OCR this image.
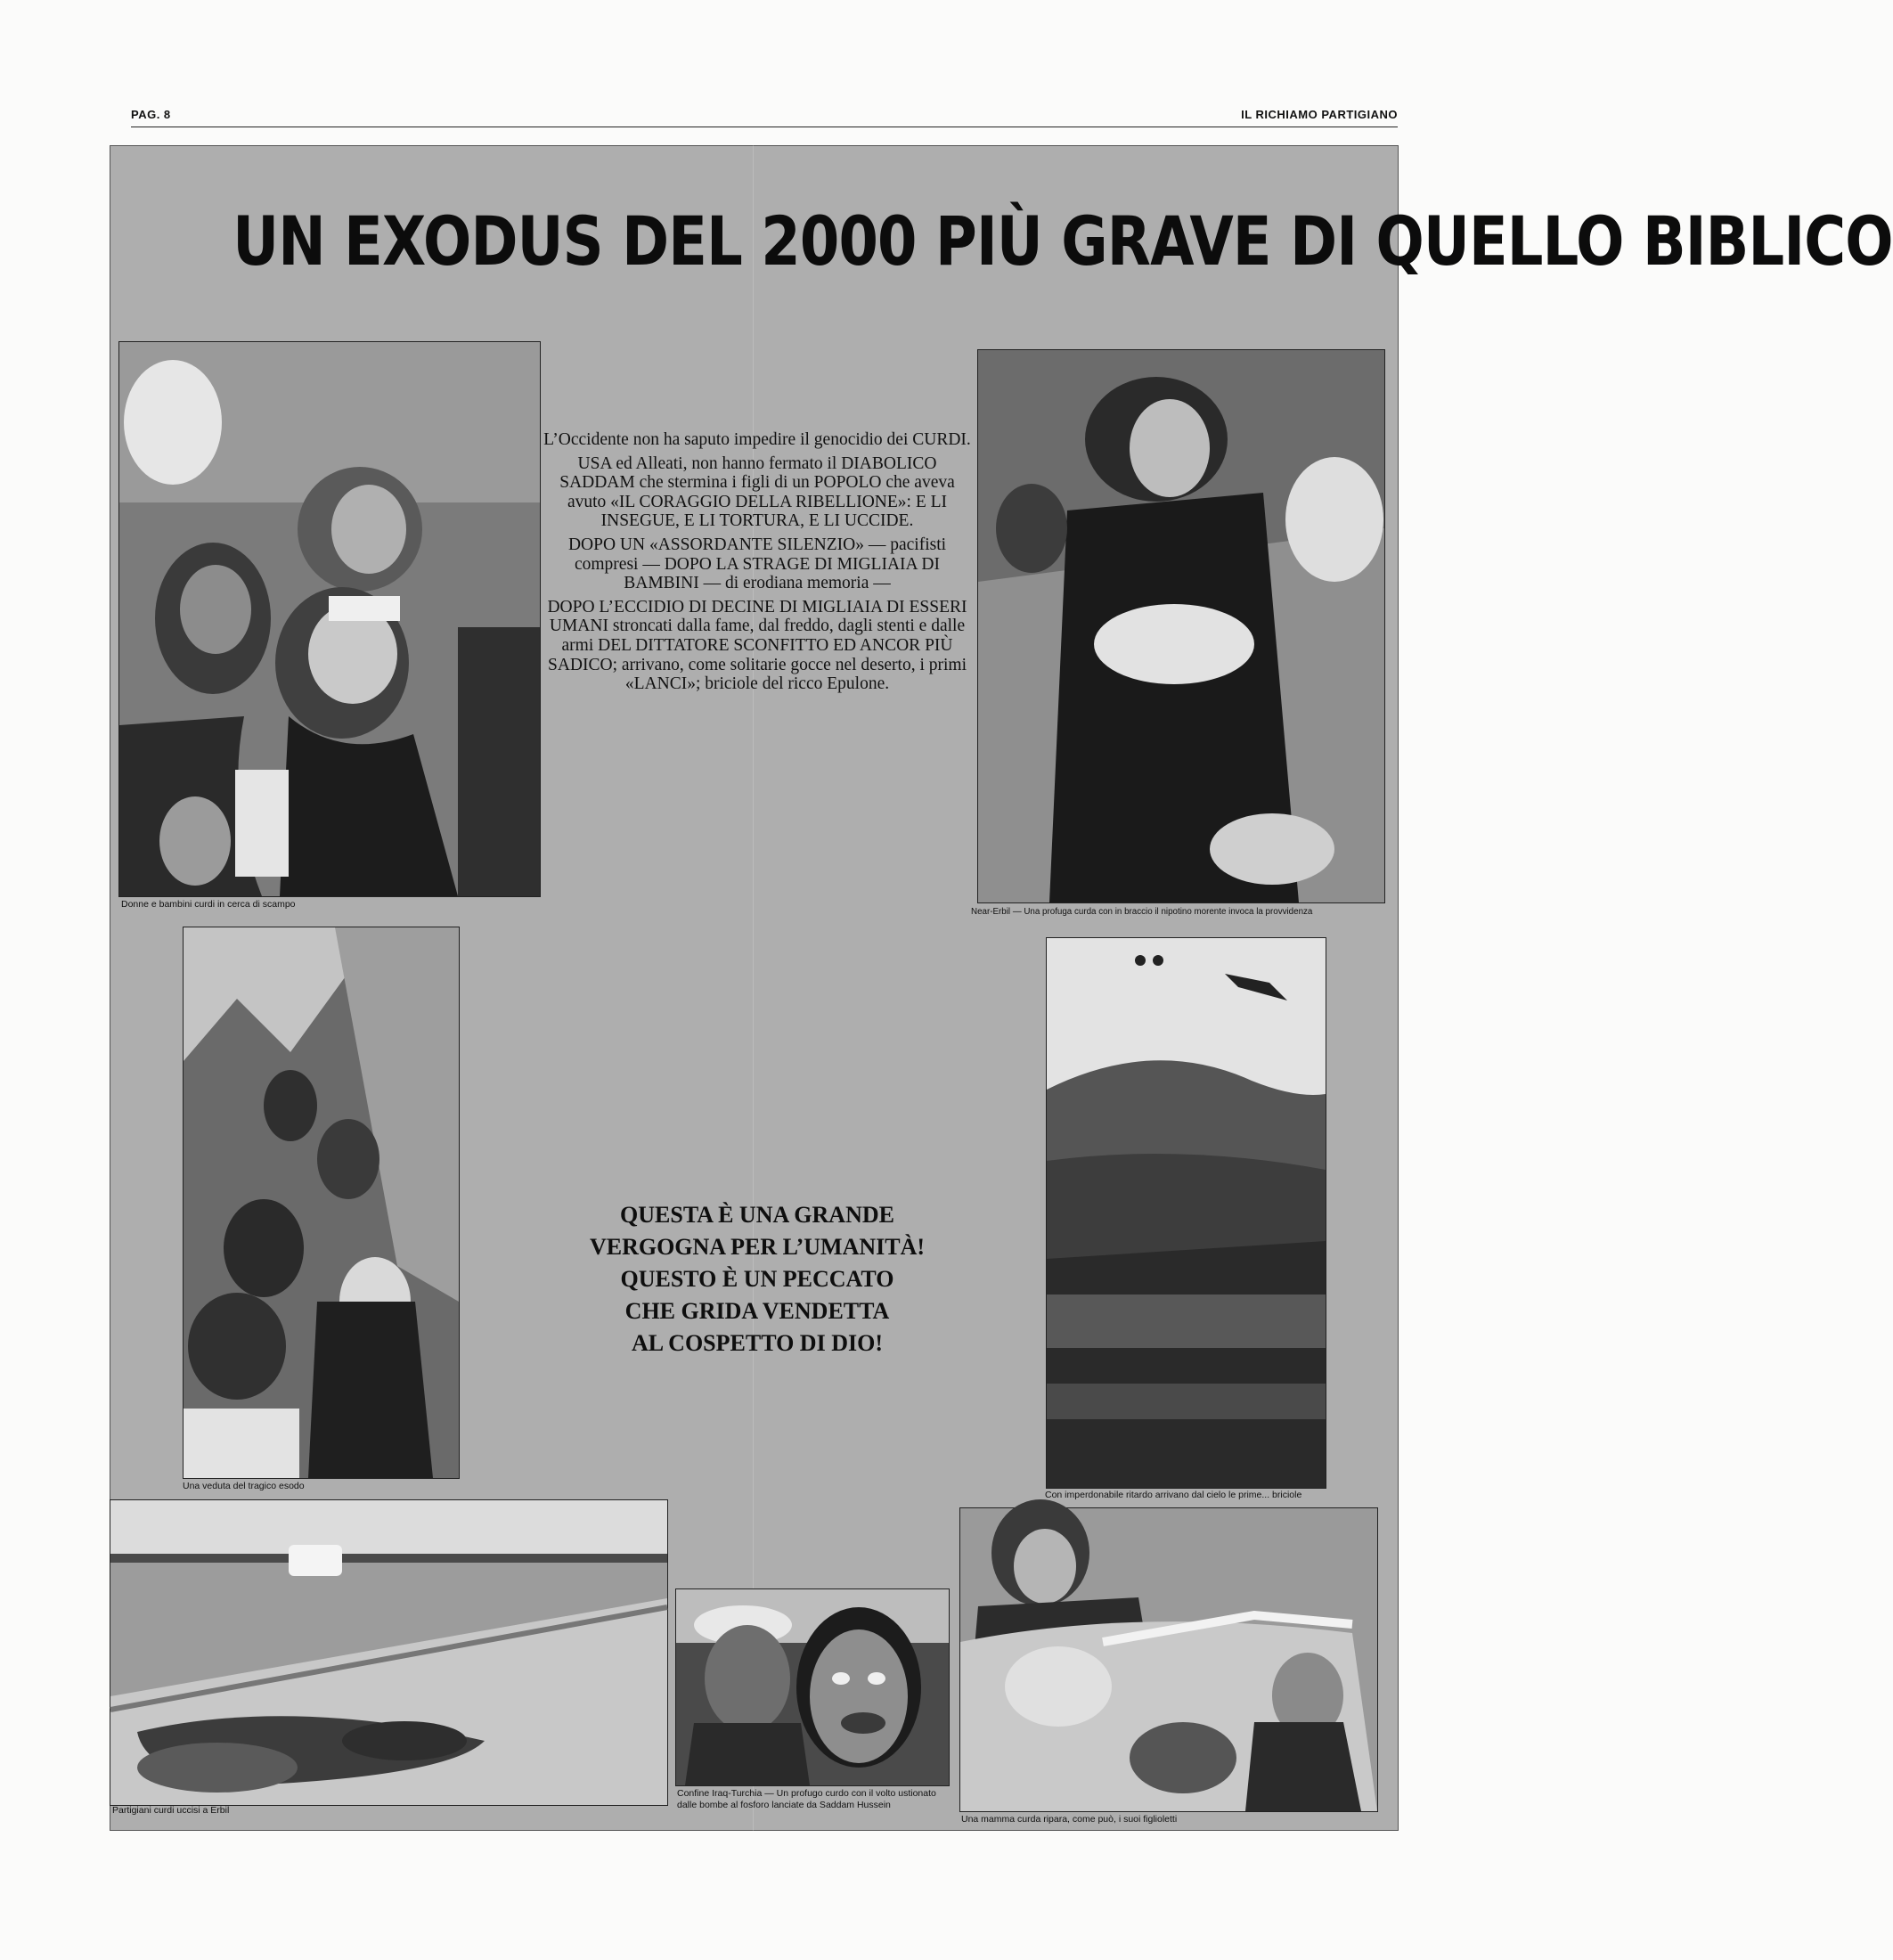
PAG. 8	IL RICHIAMO PARTIGIANO
UN EXODUS DEL 2000 PIÙ GRAVE DI QUELLO BIBLICO
Donne e bambini curdi in cerca di scampo
Una veduta del tragico esodo
Partigiani curdi uccisi a Erbil
Near-Erbil — Una profuga curda con in braccio il nipotino morente invoca la provvidenza
Con imperdonabile ritardo arrivano dal cielo le prime... briciole
Confine Iraq-Turchia — Un profugo curdo con il volto ustionato
dalle bombe al fosforo lanciate da Saddam Hussein
Una mamma curda ripara, come può, i suoi figlioletti

L’Occidente non ha saputo impedire il genocidio dei CURDI.

USA ed Alleati, non hanno fermato il DIABOLICO SADDAM che stermina i figli di un POPOLO che aveva avuto «IL CORAGGIO DELLA RIBELLIONE»: E LI INSEGUE, E LI TORTURA, E LI UCCIDE.

DOPO UN «ASSORDANTE SILENZIO» — pacifisti compresi — DOPO LA STRAGE DI MIGLIAIA DI BAMBINI — di erodiana memoria —

DOPO L’ECCIDIO DI DECINE DI MIGLIAIA DI ESSERI UMANI stroncati dalla fame, dal freddo, dagli stenti e dalle armi DEL DITTATORE SCONFITTO ED ANCOR PIÙ SADICO; arrivano, come solitarie gocce nel deserto, i primi «LANCI»; briciole del ricco Epulone.

QUESTA È UNA GRANDE
VERGOGNA PER L’UMANITÀ!
QUESTO È UN PECCATO
CHE GRIDA VENDETTA
AL COSPETTO DI DIO!
